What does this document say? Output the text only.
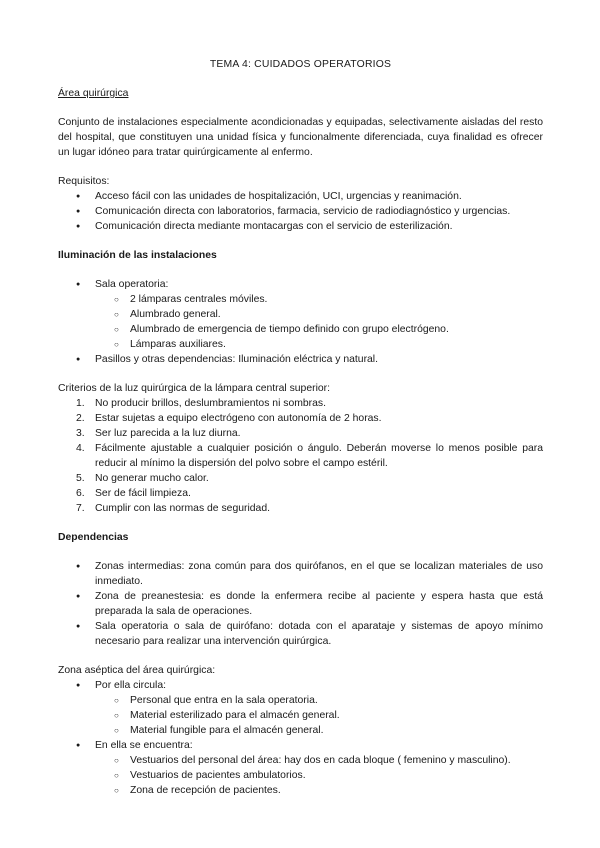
TEMA 4: CUIDADOS OPERATORIOS
Área quirúrgica

Conjunto de instalaciones especialmente acondicionadas y equipadas, selectivamente aisladas del resto del hospital, que constituyen una unidad física y funcionalmente diferenciada, cuya finalidad es ofrecer un lugar idóneo para tratar quirúrgicamente al enfermo.

Requisitos:

● Acceso fácil con las unidades de hospitalización, UCI, urgencias y reanimación.
● Comunicación directa con laboratorios, farmacia, servicio de radiodiagnóstico y urgencias.
● Comunicación directa mediante montacargas con el servicio de esterilización.
Iluminación de las instalaciones
● Sala operatoria:
○ 2 lámparas centrales móviles.
○ Alumbrado general.
○ Alumbrado de emergencia de tiempo definido con grupo electrógeno.
○ Lámparas auxiliares.
● Pasillos y otras dependencias: Iluminación eléctrica y natural.

Criterios de la luz quirúrgica de la lámpara central superior:

1. No producir brillos, deslumbramientos ni sombras.
2. Estar sujetas a equipo electrógeno con autonomía de 2 horas.
3. Ser luz parecida a la luz diurna.
4. Fácilmente ajustable a cualquier posición o ángulo. Deberán moverse lo menos posible para reducir al mínimo la dispersión del polvo sobre el campo estéril.
5. No generar mucho calor.
6. Ser de fácil limpieza.
7. Cumplir con las normas de seguridad.
Dependencias
● Zonas intermedias: zona común para dos quirófanos, en el que se localizan materiales de uso inmediato.
● Zona de preanestesia: es donde la enfermera recibe al paciente y espera hasta que está preparada la sala de operaciones.
● Sala operatoria o sala de quirófano: dotada con el aparataje y sistemas de apoyo mínimo necesario para realizar una intervención quirúrgica.

Zona aséptica del área quirúrgica:

● Por ella circula:
○ Personal que entra en la sala operatoria.
○ Material esterilizado para el almacén general.
○ Material fungible para el almacén general.
● En ella se encuentra:
○ Vestuarios del personal del área: hay dos en cada bloque ( femenino y masculino).
○ Vestuarios de pacientes ambulatorios.
○ Zona de recepción de pacientes.
